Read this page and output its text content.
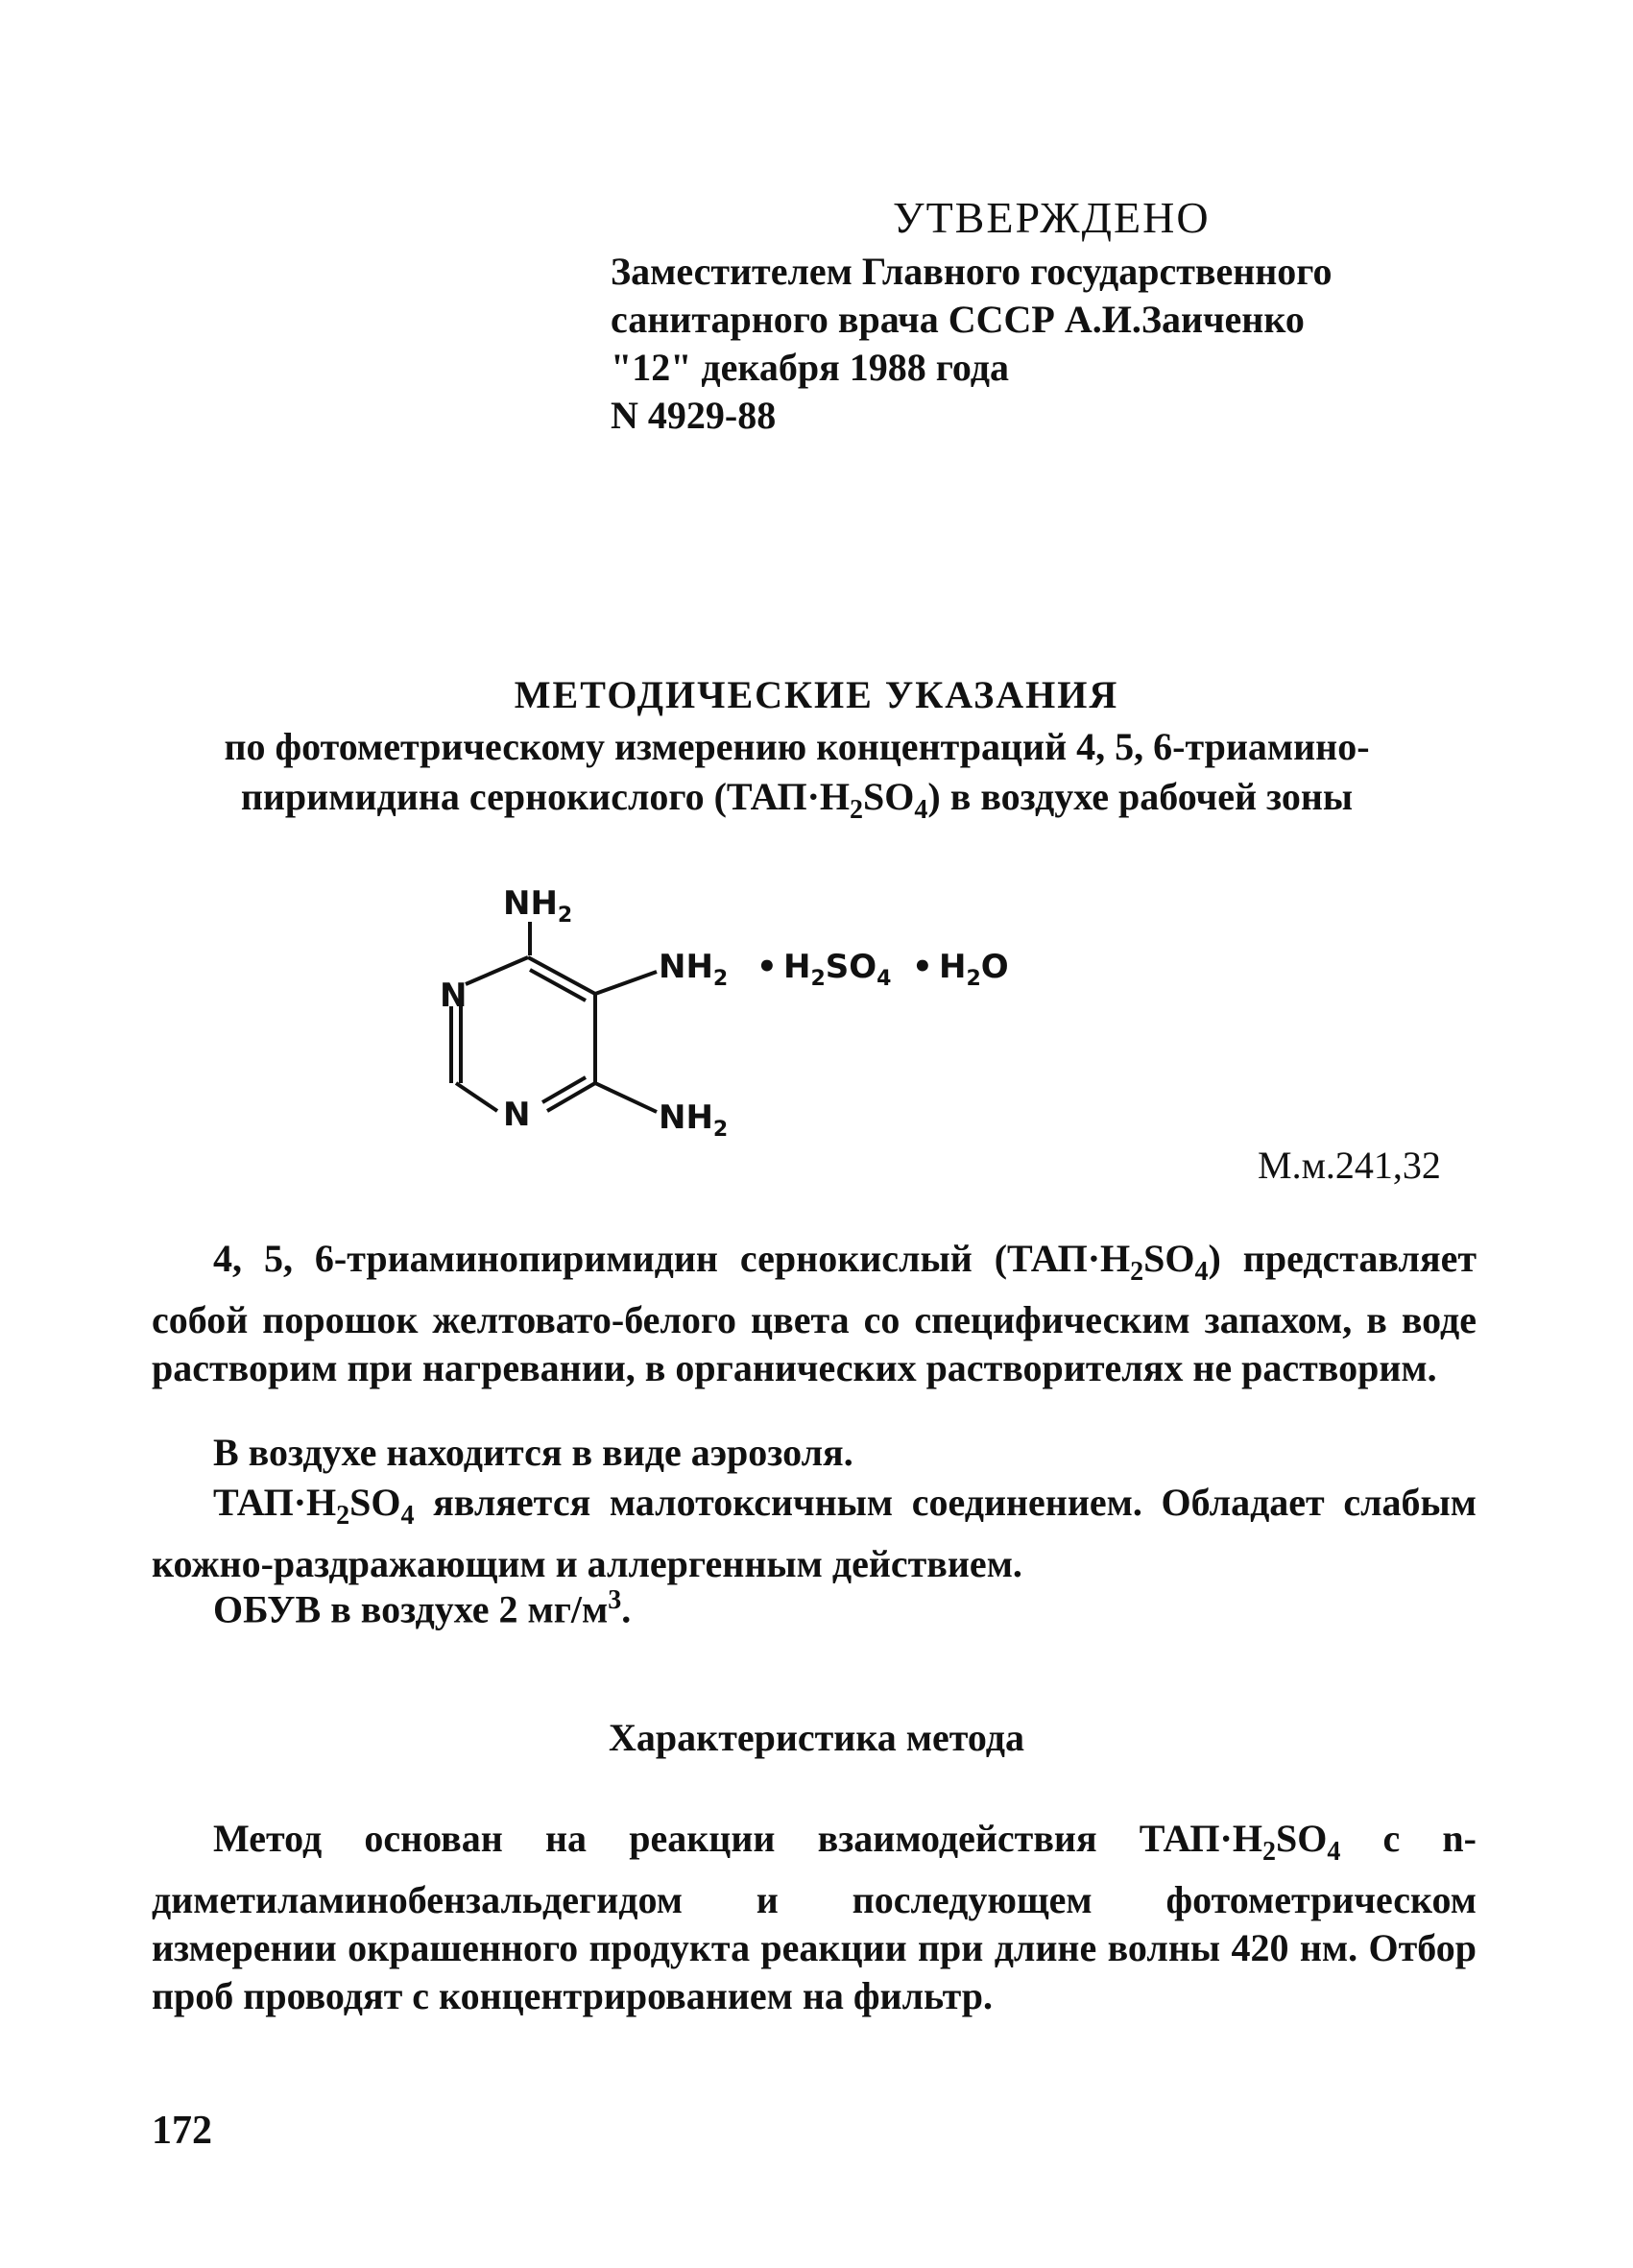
УТВЕРЖДЕНО
Заместителем Главного государственного
санитарного врача СССР А.И.Заиченко
"12" декабря 1988 года
N 4929-88
МЕТОДИЧЕСКИЕ УКАЗАНИЯ
по фотометрическому измерению концентраций 4, 5, 6-триамино-
пиримидина сернокислого $(ТАП\cdot H_2SO_4)$ в воздухе рабочей зоны
$NH_2$
N
N
$NH_2$ • $H_2SO_4$ • $H_2O$
$NH_2$
М.м.241,32
4, 5, 6-триаминопиримидин сернокислый $(ТАП\cdot H_2SO_4)$ представляет собой порошок желтовато-белого цвета со специфическим запахом, в воде растворим при нагревании, в органических растворителях не растворим.
В воздухе находится в виде аэрозоля.
$ТАП\cdot H_2SO_4$ является малотоксичным соединением. Обладает слабым кожно-раздражающим и аллергенным действием.
ОБУВ в воздухе 2 $мг/м^3$.
Характеристика метода
Метод основан на реакции взаимодействия $ТАП\cdot H_2SO_4$ с n-диметиламинобензальдегидом и последующем фотометрическом измерении окрашенного продукта реакции при длине волны 420 нм. Отбор проб проводят с концентрированием на фильтр.
172
